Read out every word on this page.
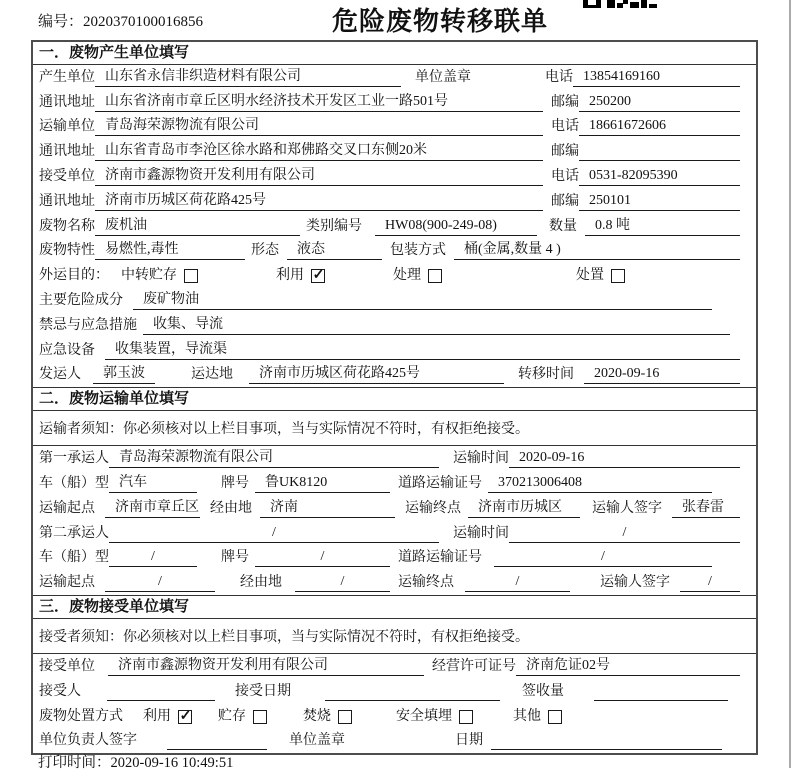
编号：2020370100016856	危险废物转移联单
一．废物产生单位填写
产生单位 山东省永信非织造材料有限公司	单位盖章	电话 13854169160
通讯地址 山东省济南市章丘区明水经济技术开发区工业一路501号	邮编 250200
运输单位 青岛海荣源物流有限公司	电话 18661672606
通讯地址 山东省青岛市李沧区徐水路和郑佛路交叉口东侧20米	邮编
接受单位 济南市鑫源物资开发利用有限公司	电话 0531-82095390
通讯地址 济南市历城区荷花路425号	邮编 250101
废物名称 废机油	类别编号	HW08(900-249-08)	数量	0.8 吨
废物特性 易燃性,毒性	形态	液态	包装方式	桶(金属,数量 4 )
外运目的： 中转贮存	利用 ✓	处理	处置
主要危险成分	废矿物油
禁忌与应急措施	收集、导流
应急设备	收集装置，导流渠
发运人	郭玉波	运达地	济南市历城区荷花路425号	转移时间	2020-09-16
二．废物运输单位填写
运输者须知：你必须核对以上栏目事项，当与实际情况不符时，有权拒绝接受。
第一承运人 青岛海荣源物流有限公司	运输时间 2020-09-16
车（船）型 汽车	牌号	鲁UK8120	道路运输证号	370213006408
运输起点	济南市章丘区 经由地	济南	运输终点	济南市历城区	运输人签字	张春雷
第二承运人	/	运输时间	/
车（船）型	/	牌号	/	道路运输证号	/
运输起点	/	经由地	/	运输终点	/	运输人签字	/
三．废物接受单位填写
接受者须知：你必须核对以上栏目事项，当与实际情况不符时，有权拒绝接受。
接受单位	济南市鑫源物资开发利用有限公司	经营许可证号 济南危证02号
接受人	接受日期	签收量
废物处置方式 利用 ✓	贮存	焚烧	安全填埋	其他
单位负责人签字	单位盖章	日期
打印时间：2020-09-16 10:49:51
